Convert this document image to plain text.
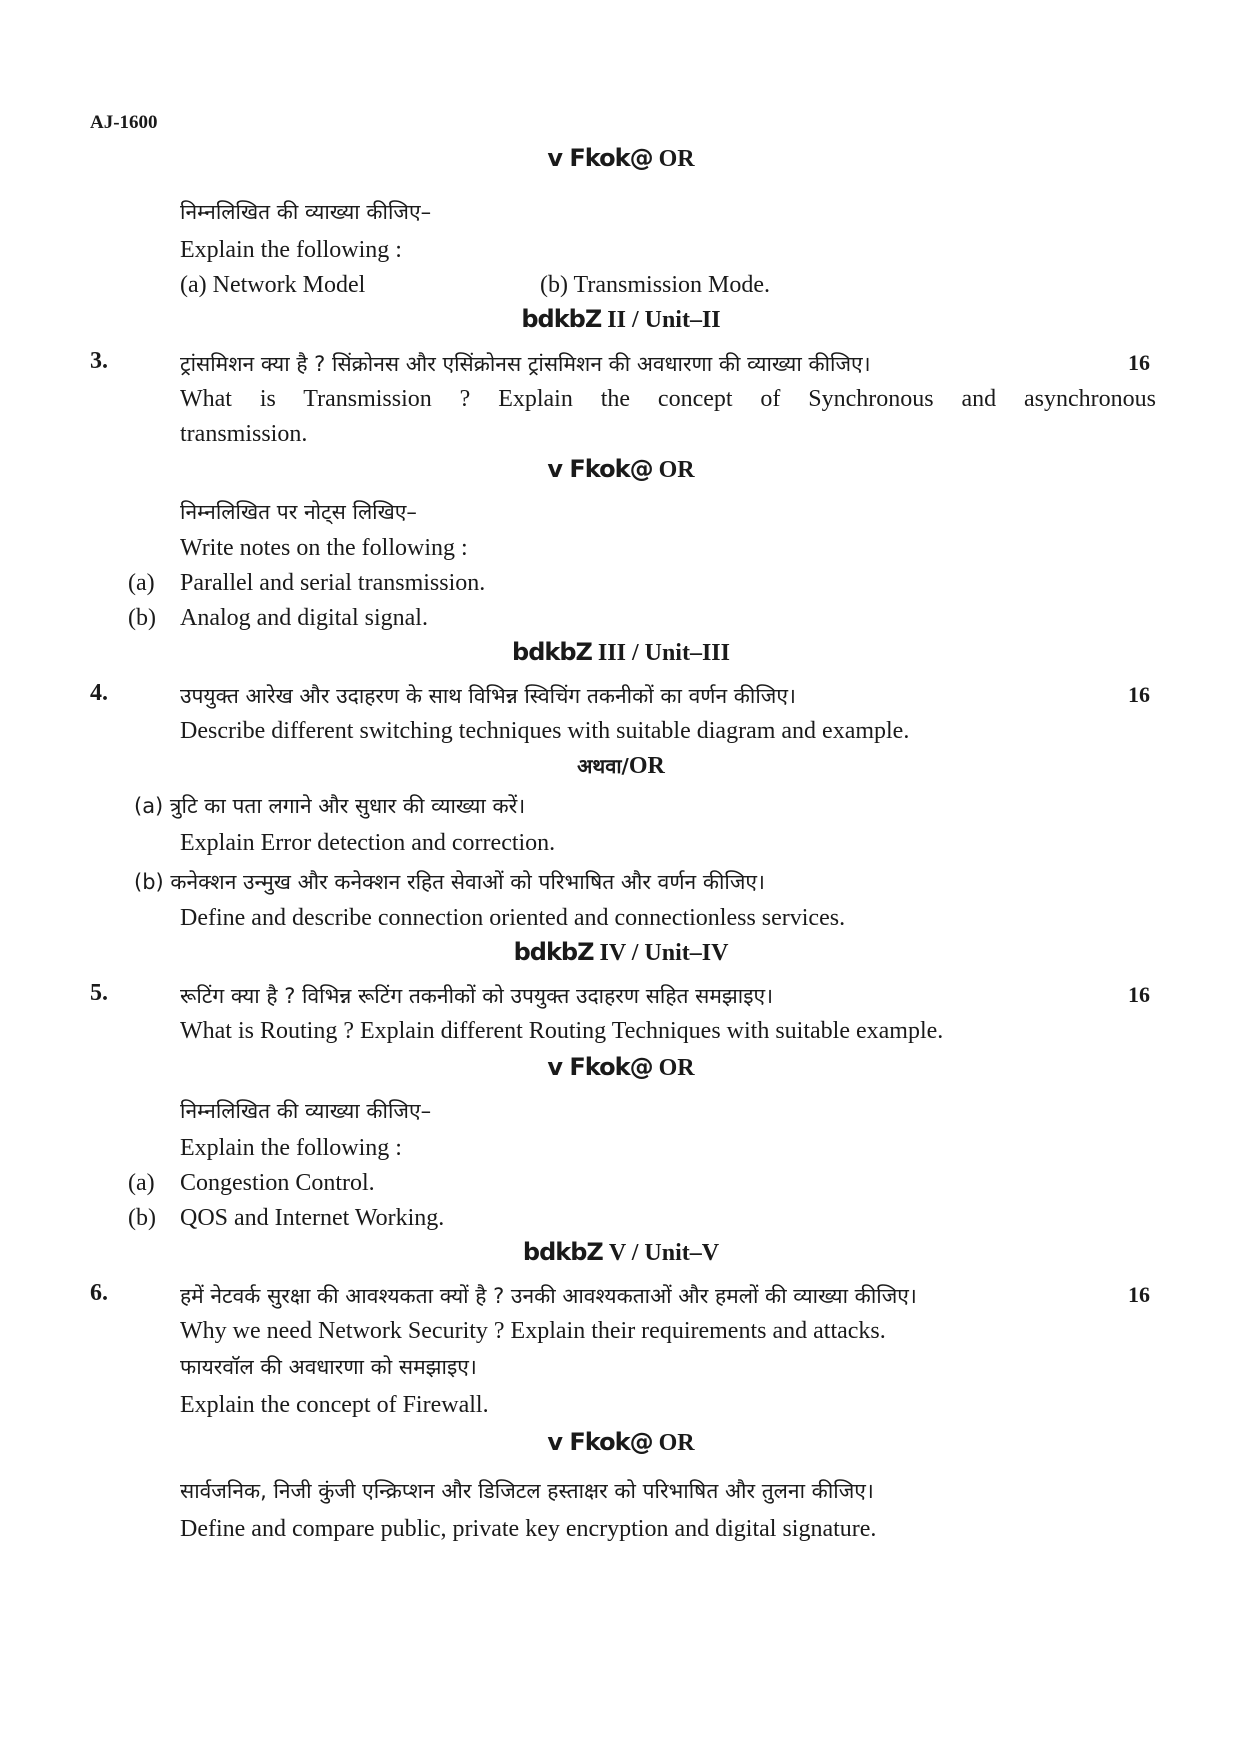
AJ-1600
v Fkok@ OR
निम्नलिखित की व्याख्या कीजिए–
Explain the following :
(a) Network Model	(b) Transmission Mode.
bdkbZ II / Unit–II
3.	ट्रांसमिशन क्या है ? सिंक्रोनस और एसिंक्रोनस ट्रांसमिशन की अवधारणा की व्याख्या कीजिए।	16
What is Transmission ? Explain the concept of Synchronous and asynchronous
transmission.
v Fkok@ OR
निम्नलिखित पर नोट्स लिखिए–
Write notes on the following :
(a) Parallel and serial transmission.
(b) Analog and digital signal.
bdkbZ III / Unit–III
4.	उपयुक्त आरेख और उदाहरण के साथ विभिन्न स्विचिंग तकनीकों का वर्णन कीजिए।	16
Describe different switching techniques with suitable diagram and example.
अथवा/OR
(a) त्रुटि का पता लगाने और सुधार की व्याख्या करें।
Explain Error detection and correction.
(b) कनेक्शन उन्मुख और कनेक्शन रहित सेवाओं को परिभाषित और वर्णन कीजिए।
Define and describe connection oriented and connectionless services.
bdkbZ IV / Unit–IV
5.	रूटिंग क्या है ? विभिन्न रूटिंग तकनीकों को उपयुक्त उदाहरण सहित समझाइए।	16
What is Routing ? Explain different Routing Techniques with suitable example.
v Fkok@ OR
निम्नलिखित की व्याख्या कीजिए–
Explain the following :
(a) Congestion Control.
(b) QOS and Internet Working.
bdkbZ V / Unit–V
6.	हमें नेटवर्क सुरक्षा की आवश्यकता क्यों है ? उनकी आवश्यकताओं और हमलों की व्याख्या कीजिए।	16
Why we need Network Security ? Explain their requirements and attacks.
फायरवॉल की अवधारणा को समझाइए।
Explain the concept of Firewall.
v Fkok@ OR
सार्वजनिक, निजी कुंजी एन्क्रिप्शन और डिजिटल हस्ताक्षर को परिभाषित और तुलना कीजिए।
Define and compare public, private key encryption and digital signature.
